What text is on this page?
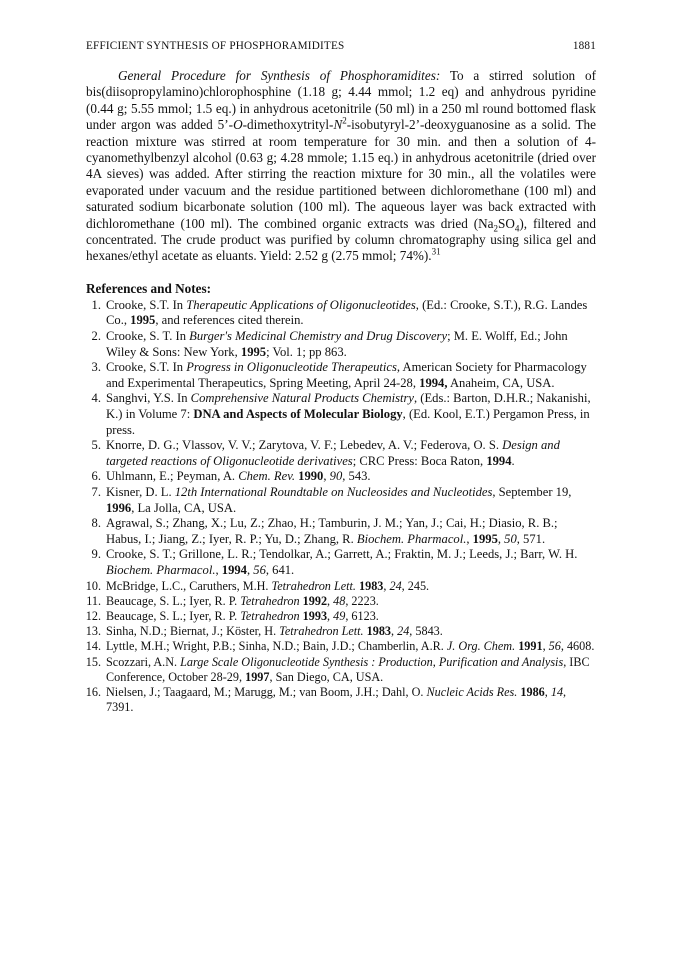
EFFICIENT SYNTHESIS OF PHOSPHORAMIDITES	1881

General Procedure for Synthesis of Phosphoramidites: To a stirred solution of bis(diisopropylamino)chlorophosphine (1.18 g; 4.44 mmol; 1.2 eq) and anhydrous pyridine (0.44 g; 5.55 mmol; 1.5 eq.) in anhydrous acetonitrile (50 ml) in a 250 ml round bottomed flask under argon was added $5’-O-dimethoxytrityl-N^2-isobutyryl-2$’-deoxyguanosine as a solid. The reaction mixture was stirred at room temperature for 30 min. and then a solution of 4-cyanomethylbenzyl alcohol (0.63 g; 4.28 mmole; 1.15 eq.) in anhydrous acetonitrile (dried over 4A sieves) was added. After stirring the reaction mixture for 30 min., all the volatiles were evaporated under vacuum and the residue partitioned between dichloromethane (100 ml) and saturated sodium bicarbonate solution (100 ml). The aqueous layer was back extracted with dichloromethane (100 ml). The combined organic extracts was dried $(Na_2SO_4)$, filtered and concentrated. The crude product was purified by column chromatography using silica gel and hexanes/ethyl acetate as eluants. Yield: 2.52 g (2.75 mmol; 74%).$^{31}$

References and Notes:
1. Crooke, S.T. In Therapeutic Applications of Oligonucleotides, (Ed.: Crooke, S.T.), R.G. Landes Co., 1995, and references cited therein.
2. Crooke, S. T. In Burger's Medicinal Chemistry and Drug Discovery; M. E. Wolff, Ed.; John Wiley & Sons: New York, 1995; Vol. 1; pp 863.
3. Crooke, S.T. In Progress in Oligonucleotide Therapeutics, American Society for Pharmacology and Experimental Therapeutics, Spring Meeting, April 24-28, 1994, Anaheim, CA, USA.
4. Sanghvi, Y.S. In Comprehensive Natural Products Chemistry, (Eds.: Barton, D.H.R.; Nakanishi, K.) in Volume 7: DNA and Aspects of Molecular Biology, (Ed. Kool, E.T.) Pergamon Press, in press.
5. Knorre, D. G.; Vlassov, V. V.; Zarytova, V. F.; Lebedev, A. V.; Federova, O. S. Design and targeted reactions of Oligonucleotide derivatives; CRC Press: Boca Raton, 1994.
6. Uhlmann, E.; Peyman, A. Chem. Rev. 1990, 90, 543.
7. Kisner, D. L. 12th International Roundtable on Nucleosides and Nucleotides, September 19, 1996, La Jolla, CA, USA.
8. Agrawal, S.; Zhang, X.; Lu, Z.; Zhao, H.; Tamburin, J. M.; Yan, J.; Cai, H.; Diasio, R. B.; Habus, I.; Jiang, Z.; Iyer, R. P.; Yu, D.; Zhang, R. Biochem. Pharmacol., 1995, 50, 571.
9. Crooke, S. T.; Grillone, L. R.; Tendolkar, A.; Garrett, A.; Fraktin, M. J.; Leeds, J.; Barr, W. H. Biochem. Pharmacol., 1994, 56, 641.
10. McBridge, L.C., Caruthers, M.H. Tetrahedron Lett. 1983, 24, 245.
11. Beaucage, S. L.; Iyer, R. P. Tetrahedron 1992, 48, 2223.
12. Beaucage, S. L.; Iyer, R. P. Tetrahedron 1993, 49, 6123.
13. Sinha, N.D.; Biernat, J.; Köster, H. Tetrahedron Lett. 1983, 24, 5843.
14. Lyttle, M.H.; Wright, P.B.; Sinha, N.D.; Bain, J.D.; Chamberlin, A.R. J. Org. Chem. 1991, 56, 4608.
15. Scozzari, A.N. Large Scale Oligonucleotide Synthesis : Production, Purification and Analysis, IBC Conference, October 28-29, 1997, San Diego, CA, USA.
16. Nielsen, J.; Taagaard, M.; Marugg, M.; van Boom, J.H.; Dahl, O. Nucleic Acids Res. 1986, 14, 7391.
